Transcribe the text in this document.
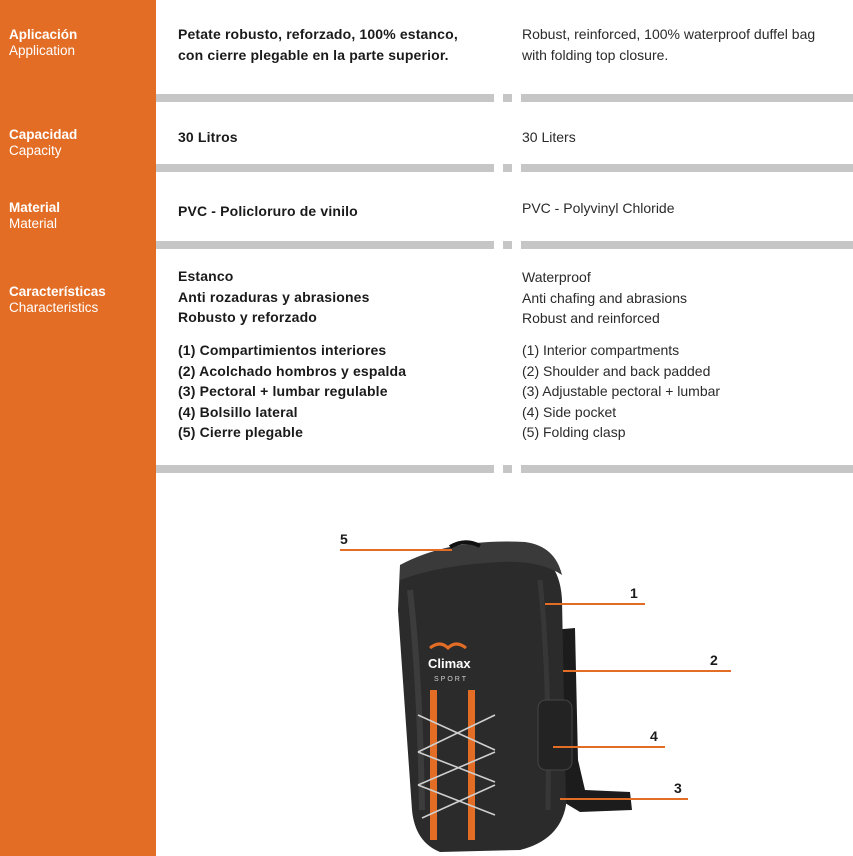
Aplicación
Application
Capacidad
Capacity
Material
Material
Características
Characteristics
Petate robusto, reforzado, 100% estanco,
con cierre plegable en la parte superior.
Robust, reinforced, 100% waterproof duffel bag
with folding top closure.
30 Litros	30 Liters
PVC - Policloruro de vinilo	PVC - Polyvinyl Chloride
Estanco
Anti rozaduras y abrasiones
Robusto y reforzado
Waterproof
Anti chafing and abrasions
Robust and reinforced
(1) Compartimientos interiores
(2) Acolchado hombros y espalda
(3) Pectoral + lumbar regulable
(4) Bolsillo lateral
(5) Cierre plegable
(1) Interior compartments
(2) Shoulder and back padded
(3) Adjustable pectoral + lumbar
(4) Side pocket
(5) Folding clasp
Climax
SPORT
5
1
2
4
3
